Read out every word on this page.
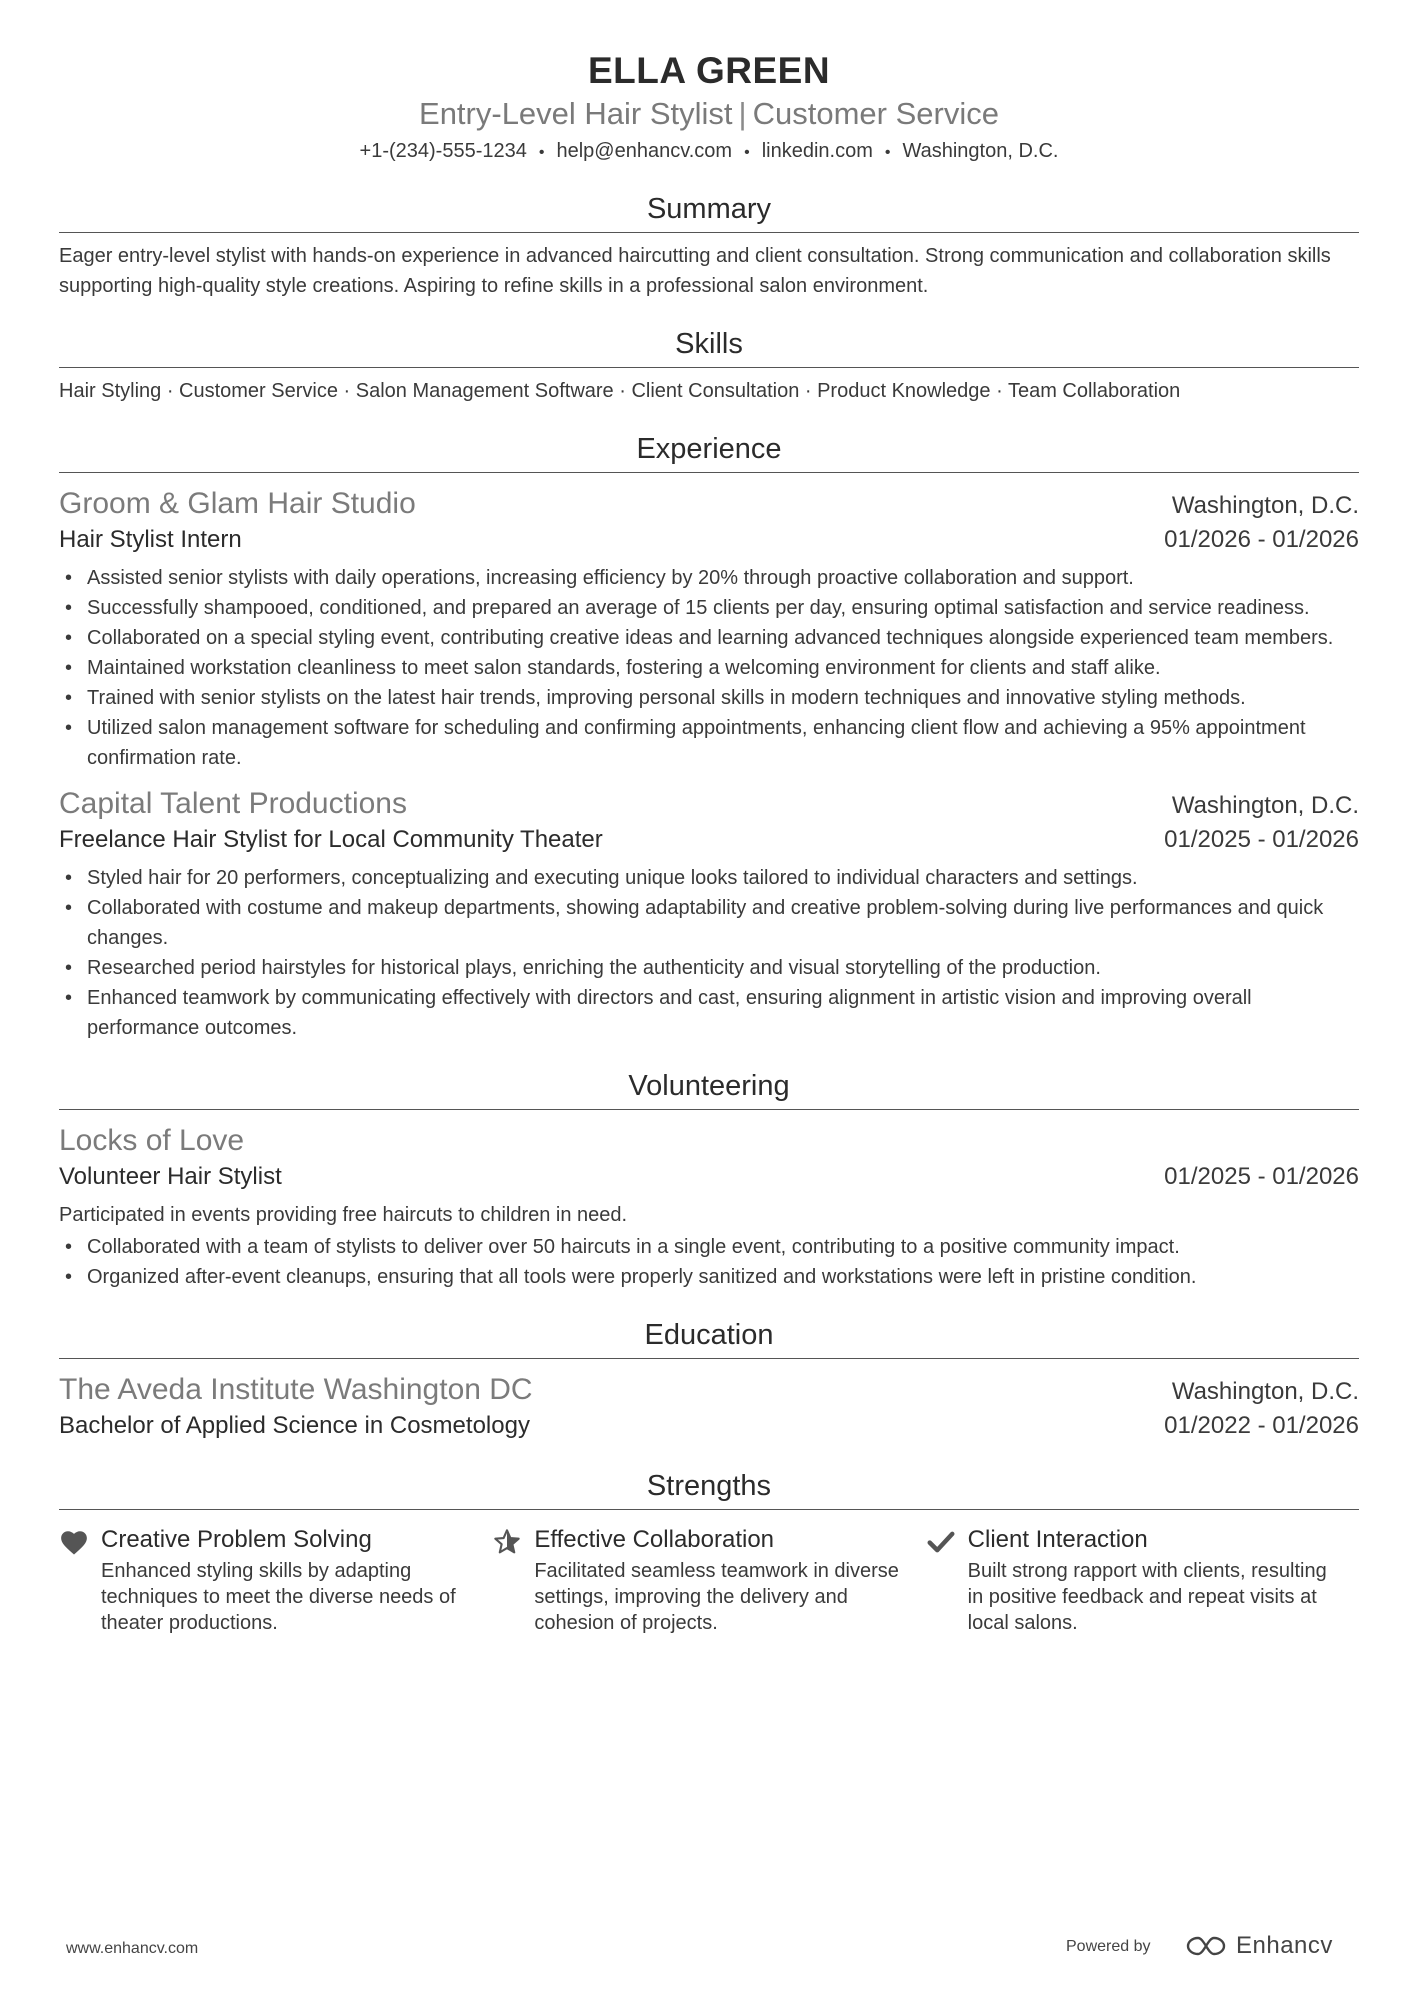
ELLA GREEN
Entry-Level Hair Stylist | Customer Service
+1-(234)-555-1234 • help@enhancv.com • linkedin.com • Washington, D.C.
Summary
Eager entry-level stylist with hands-on experience in advanced haircutting and client consultation. Strong communication and collaboration skills supporting high-quality style creations. Aspiring to refine skills in a professional salon environment.
Skills
Hair Styling · Customer Service · Salon Management Software · Client Consultation · Product Knowledge · Team Collaboration
Experience
Groom & Glam Hair Studio	Washington, D.C.
Hair Stylist Intern	01/2026 - 01/2026
• Assisted senior stylists with daily operations, increasing efficiency by 20% through proactive collaboration and support.
• Successfully shampooed, conditioned, and prepared an average of 15 clients per day, ensuring optimal satisfaction and service readiness.
• Collaborated on a special styling event, contributing creative ideas and learning advanced techniques alongside experienced team members.
• Maintained workstation cleanliness to meet salon standards, fostering a welcoming environment for clients and staff alike.
• Trained with senior stylists on the latest hair trends, improving personal skills in modern techniques and innovative styling methods.
• Utilized salon management software for scheduling and confirming appointments, enhancing client flow and achieving a 95% appointment confirmation rate.
Capital Talent Productions	Washington, D.C.
Freelance Hair Stylist for Local Community Theater	01/2025 - 01/2026
• Styled hair for 20 performers, conceptualizing and executing unique looks tailored to individual characters and settings.
• Collaborated with costume and makeup departments, showing adaptability and creative problem-solving during live performances and quick changes.
• Researched period hairstyles for historical plays, enriching the authenticity and visual storytelling of the production.
• Enhanced teamwork by communicating effectively with directors and cast, ensuring alignment in artistic vision and improving overall performance outcomes.
Volunteering
Locks of Love
Volunteer Hair Stylist	01/2025 - 01/2026
Participated in events providing free haircuts to children in need.
• Collaborated with a team of stylists to deliver over 50 haircuts in a single event, contributing to a positive community impact.
• Organized after-event cleanups, ensuring that all tools were properly sanitized and workstations were left in pristine condition.
Education
The Aveda Institute Washington DC	Washington, D.C.
Bachelor of Applied Science in Cosmetology	01/2022 - 01/2026
Strengths
Creative Problem Solving
Enhanced styling skills by adapting techniques to meet the diverse needs of theater productions.
Effective Collaboration
Facilitated seamless teamwork in diverse settings, improving the delivery and cohesion of projects.
Client Interaction
Built strong rapport with clients, resulting in positive feedback and repeat visits at local salons.
www.enhancv.com	Powered by	Enhancv
